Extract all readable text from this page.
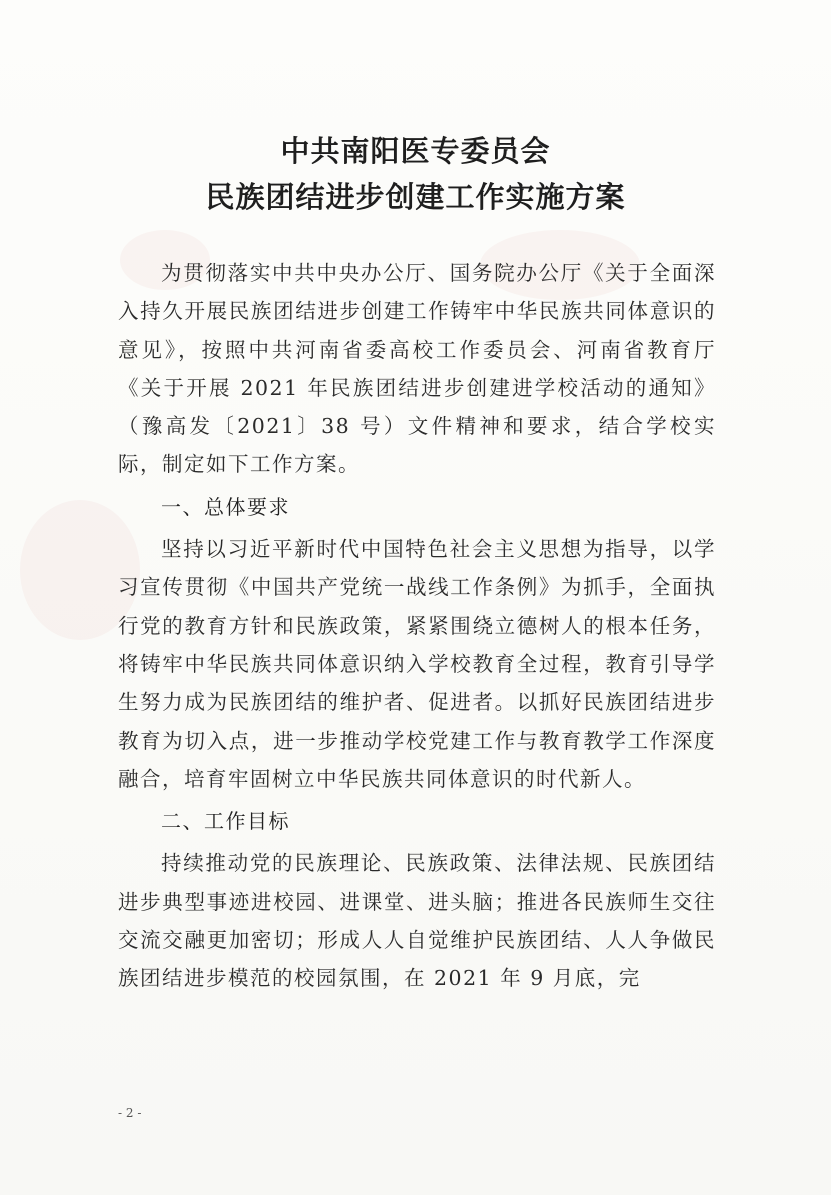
中共南阳医专委员会
民族团结进步创建工作实施方案

为贯彻落实中共中央办公厅、国务院办公厅《关于全面深入持久开展民族团结进步创建工作铸牢中华民族共同体意识的意见》，按照中共河南省委高校工作委员会、河南省教育厅《关于开展 2021 年民族团结进步创建进学校活动的通知》（豫高发〔2021〕38 号）文件精神和要求，结合学校实际，制定如下工作方案。

一、总体要求

坚持以习近平新时代中国特色社会主义思想为指导，以学习宣传贯彻《中国共产党统一战线工作条例》为抓手，全面执行党的教育方针和民族政策，紧紧围绕立德树人的根本任务，将铸牢中华民族共同体意识纳入学校教育全过程，教育引导学生努力成为民族团结的维护者、促进者。以抓好民族团结进步教育为切入点，进一步推动学校党建工作与教育教学工作深度融合，培育牢固树立中华民族共同体意识的时代新人。

二、工作目标

持续推动党的民族理论、民族政策、法律法规、民族团结进步典型事迹进校园、进课堂、进头脑；推进各民族师生交往交流交融更加密切；形成人人自觉维护民族团结、人人争做民族团结进步模范的校园氛围，在 2021 年 9 月底，完

- 2 -
